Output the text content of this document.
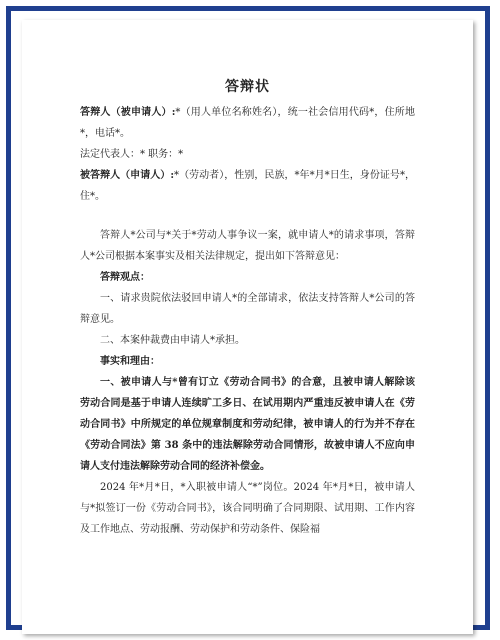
答辩状

答辩人（被申请人）:*（用人单位名称姓名），统一社会信用代码*，住所地*，电话*。

法定代表人：* 职务：*

被答辩人（申请人）:*（劳动者），性别，民族，*年*月*日生，身份证号*，住*。

答辩人*公司与*关于*劳动人事争议一案，就申请人*的请求事项，答辩人*公司根据本案事实及相关法律规定，提出如下答辩意见：

答辩观点：

一、请求贵院依法驳回申请人*的全部请求，依法支持答辩人*公司的答辩意见。

二、本案仲裁费由申请人*承担。

事实和理由：

一、被申请人与*曾有订立《劳动合同书》的合意，且被申请人解除该劳动合同是基于申请人连续旷工多日、在试用期内严重违反被申请人在《劳动合同书》中所规定的单位规章制度和劳动纪律，被申请人的行为并不存在《劳动合同法》第 38 条中的违法解除劳动合同情形，故被申请人不应向申请人支付违法解除劳动合同的经济补偿金。

2024 年*月*日，*入职被申请人“*”岗位。2024 年*月*日，被申请人与*拟签订一份《劳动合同书》，该合同明确了合同期限、试用期、工作内容及工作地点、劳动报酬、劳动保护和劳动条件、保险福
